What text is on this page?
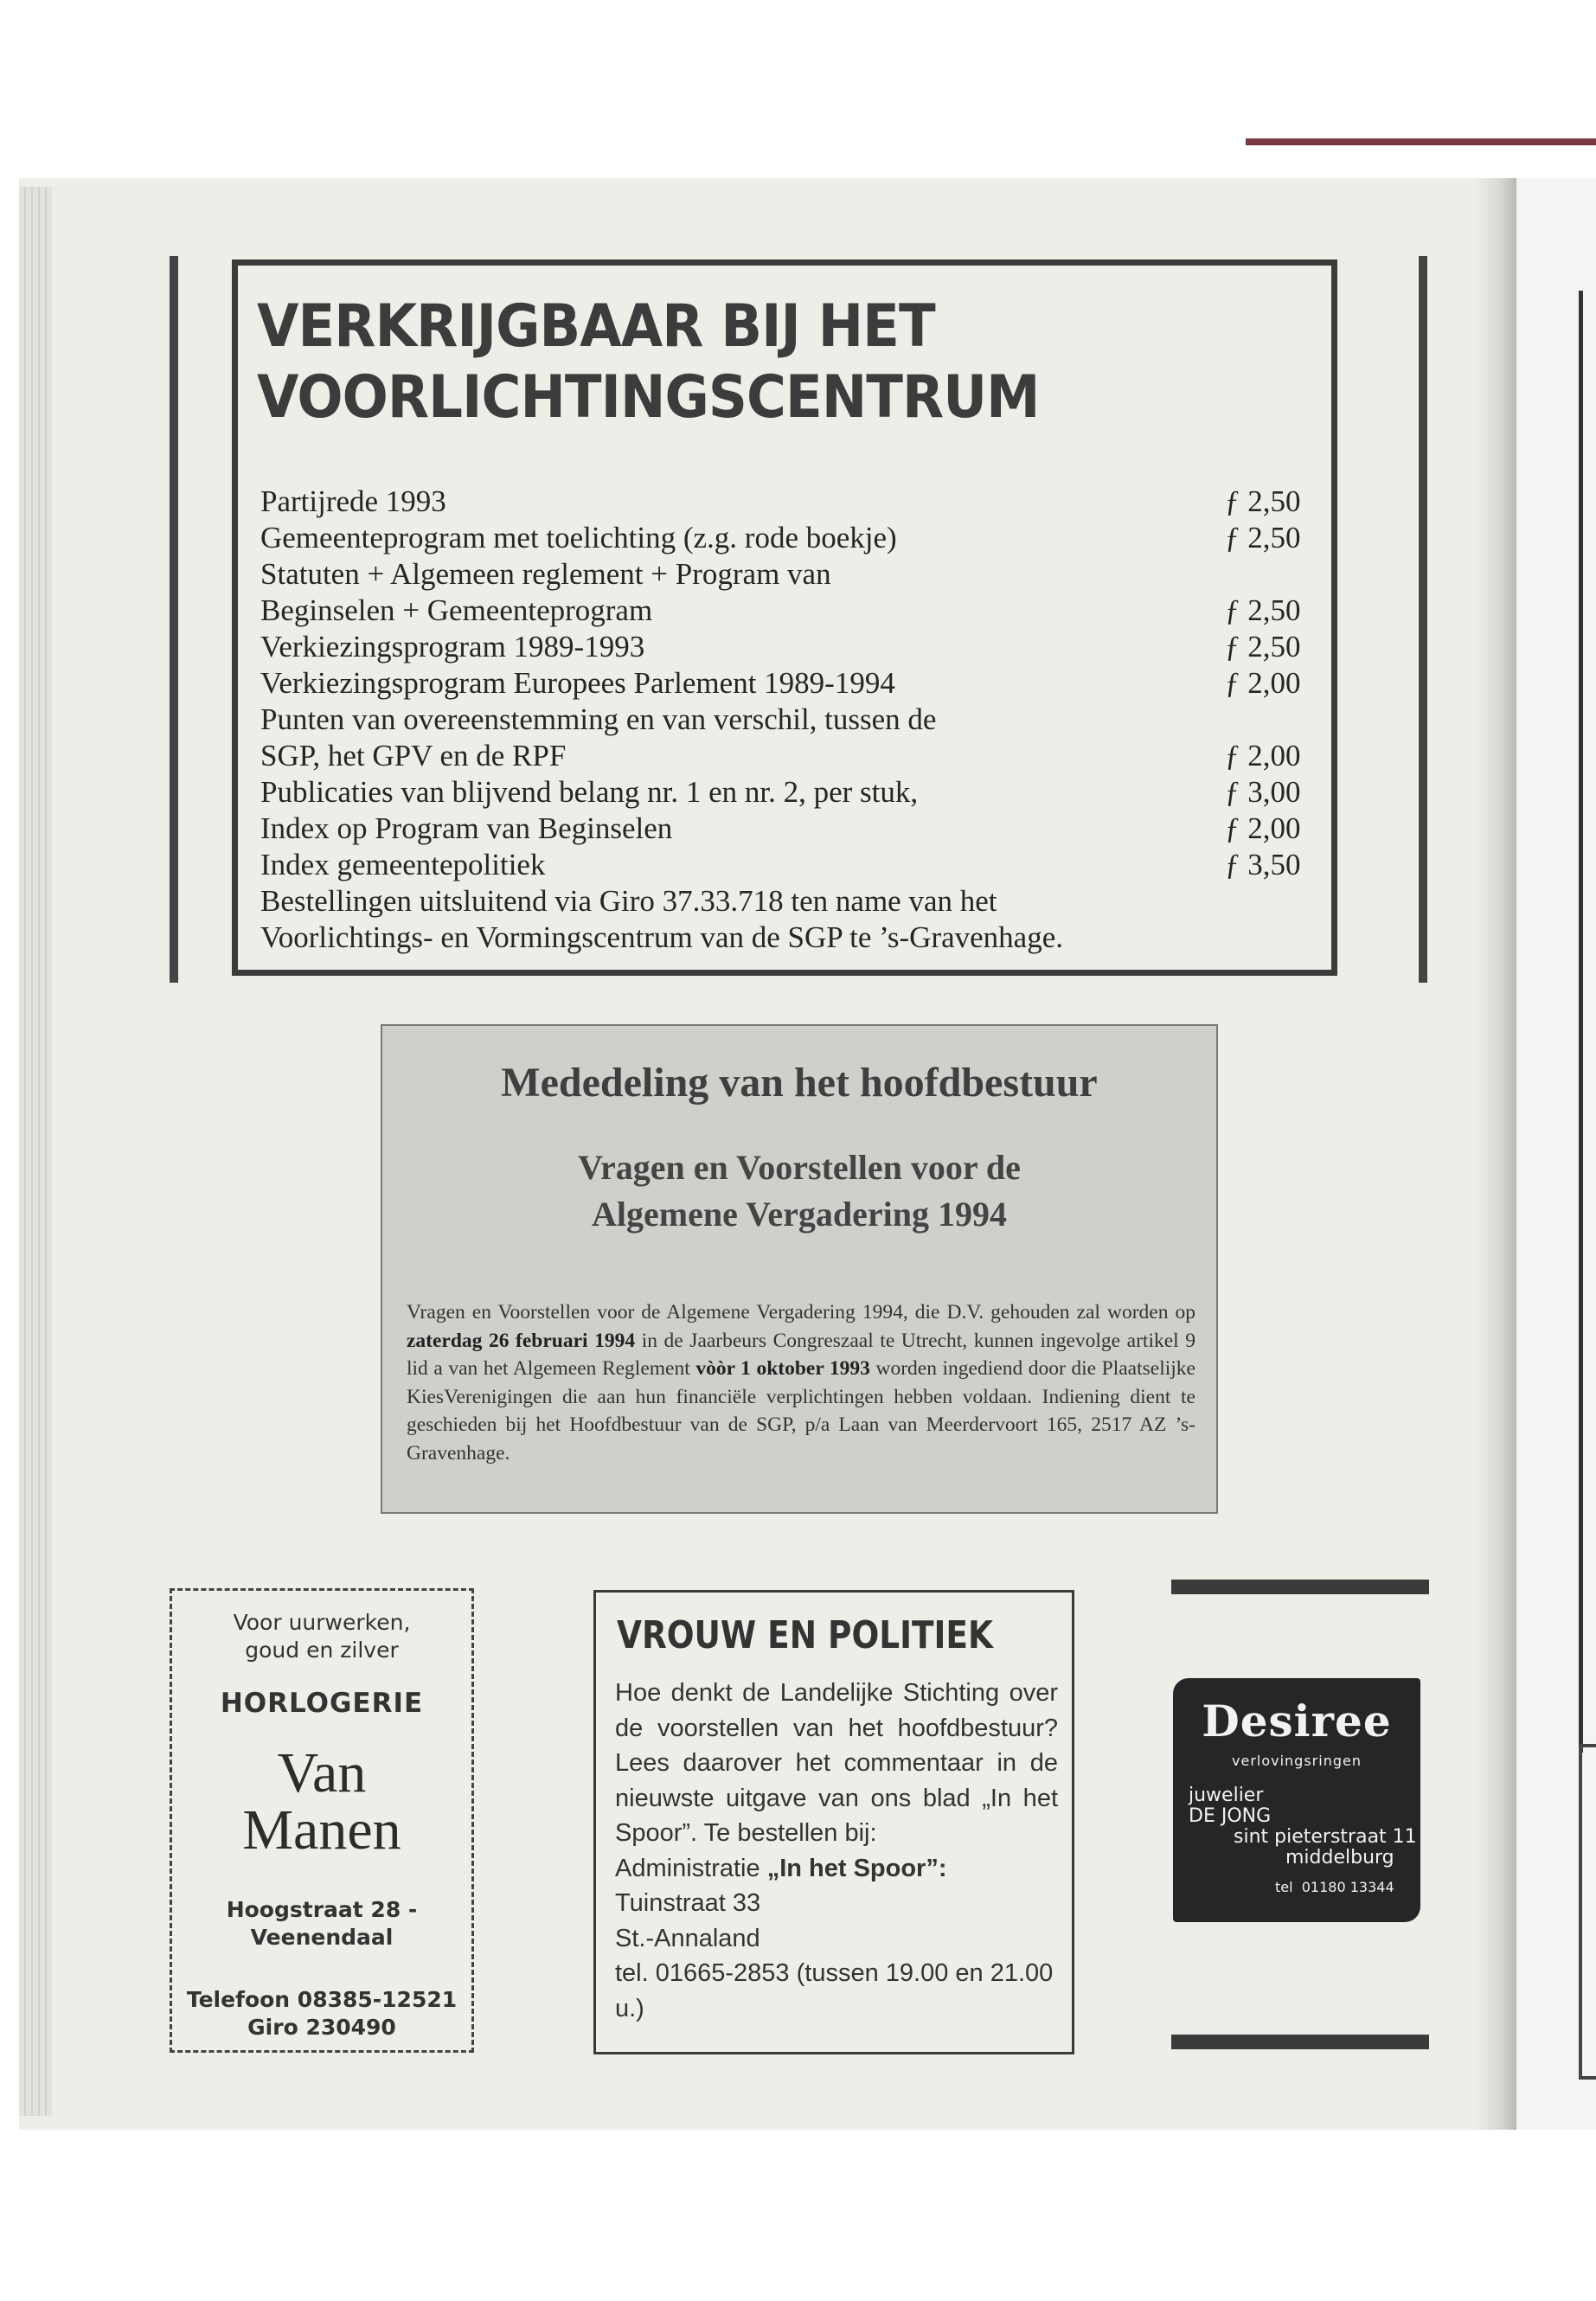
VERKRIJGBAAR BIJ HET
VOORLICHTINGSCENTRUM
Partijrede 1993	ƒ 2,50
Gemeenteprogram met toelichting (z.g. rode boekje)	ƒ 2,50
Statuten + Algemeen reglement + Program van
Beginselen + Gemeenteprogram	ƒ 2,50
Verkiezingsprogram 1989-1993	ƒ 2,50
Verkiezingsprogram Europees Parlement 1989-1994	ƒ 2,00
Punten van overeenstemming en van verschil, tussen de
SGP, het GPV en de RPF	ƒ 2,00
Publicaties van blijvend belang nr. 1 en nr. 2, per stuk,	ƒ 3,00
Index op Program van Beginselen	ƒ 2,00
Index gemeentepolitiek	ƒ 3,50
Bestellingen uitsluitend via Giro 37.33.718 ten name van het
Voorlichtings- en Vormingscentrum van de SGP te ’s-Gravenhage.
Mededeling van het hoofdbestuur
Vragen en Voorstellen voor de
Algemene Vergadering 1994
Vragen en Voorstellen voor de Algemene Vergadering 1994, die D.V. gehouden zal worden op zaterdag 26 februari 1994 in de Jaarbeurs Congreszaal te Utrecht, kunnen ingevolge artikel 9 lid a van het Algemeen Reglement vòòr 1 oktober 1993 worden ingediend door die Plaatselijke KiesVerenigingen die aan hun financiële verplichtingen hebben voldaan. Indiening dient te geschieden bij het Hoofdbestuur van de SGP, p/a Laan van Meerdervoort 165, 2517 AZ ’s-Gravenhage.
Voor uurwerken,
goud en zilver
HORLOGERIE
Van
Manen
Hoogstraat 28 -
Veenendaal
Telefoon 08385-12521
Giro 230490
VROUW EN POLITIEK
Hoe denkt de Landelijke Stichting over de voorstellen van het hoofdbestuur? Lees daarover het commentaar in de nieuwste uitgave van ons blad „In het Spoor”. Te bestellen bij:
Administratie „In het Spoor”:
Tuinstraat 33
St.-Annaland
tel. 01665-2853 (tussen 19.00 en 21.00 u.)
Desiree
verlovingsringen
juwelier
DE JONG
sint pieterstraat 11
middelburg
tel 01180 13344
